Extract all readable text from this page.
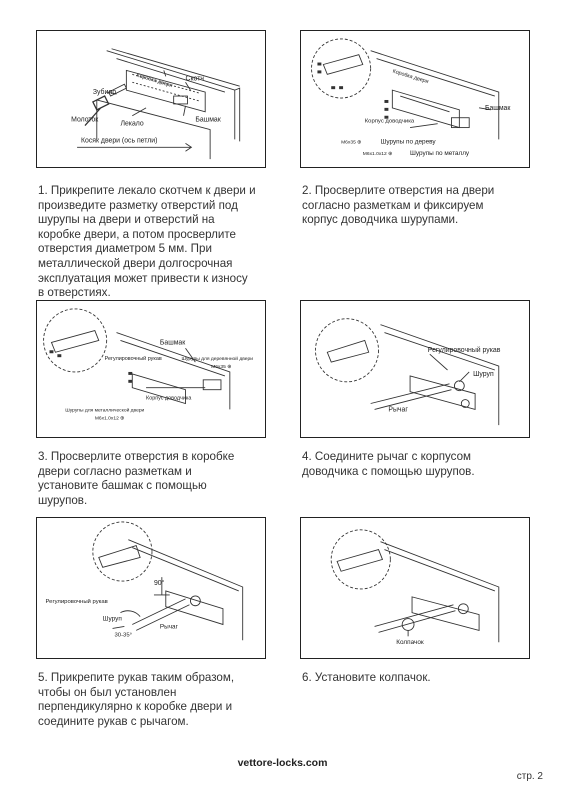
Коробка двери Скотч
Зубило
Молоток
Лекало
Башмак
Косяк двери (ось петли)

1. Прикрепите лекало скотчем к двери и
произведите разметку отверстий под
шурупы на двери и отверстий на
коробке двери, а потом просверлите
отверстия диаметром 5 мм. При
металлической двери долгосрочная
эксплуатация может привести к износу
в отверстиях.

Коробка двери
Башмак
Корпус доводчика
M6х35 ⊕	Шурупы по дереву
M6х1.0х12 ⊕	Шурупы по металлу

2. Просверлите отверстия на двери
согласно разметкам и фиксируем
корпус доводчика шурупами.

Башмак
Регулировочный рукав	Шурупы для деревянной двери
M6х35 ⊕
Корпус доводчика
Шурупы для металлической двери
M6х1.0х12 ⊕

3. Просверлите отверстия в коробке
двери согласно разметкам и
установите башмак с помощью
шурупов.

Регулировочный рукав
Шуруп
Рычаг

4. Соедините рычаг с корпусом
доводчика с помощью шурупов.

90°
Регулировочный рукав
Шуруп
Рычаг
30-35°

5. Прикрепите рукав таким образом,
чтобы он был установлен
перпендикулярно к коробке двери и
соедините рукав с рычагом.

Колпачок

6. Установите колпачок.

vettore-locks.com
стр. 2
